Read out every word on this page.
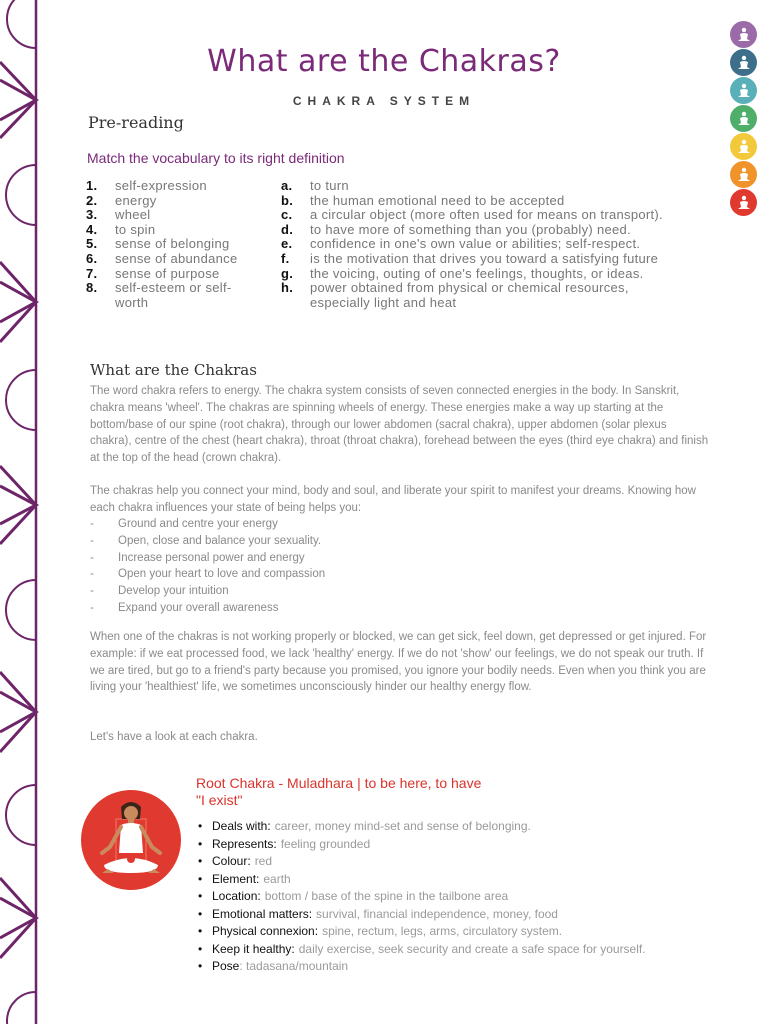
What are the Chakras?
CHAKRA SYSTEM
Pre-reading
Match the vocabulary to its right definition
1.	self-expression
2.	energy
3.	wheel
4.	to spin
5.	sense of belonging
6.	sense of abundance
7.	sense of purpose
8.	self-esteem or self-worth
a.	to turn
b.	the human emotional need to be accepted
c.	a circular object (more often used for means on transport).
d.	to have more of something than you (probably) need.
e.	confidence in one's own value or abilities; self-respect.
f.	is the motivation that drives you toward a satisfying future
g.	the voicing, outing of one's feelings, thoughts, or ideas.
h.	power obtained from physical or chemical resources, especially light and heat
What are the Chakras

The word chakra refers to energy. The chakra system consists of seven connected energies in the body. In Sanskrit, chakra means 'wheel'. The chakras are spinning wheels of energy. These energies make a way up starting at the bottom/base of our spine (root chakra), through our lower abdomen (sacral chakra), upper abdomen (solar plexus chakra), centre of the chest (heart chakra), throat (throat chakra), forehead between the eyes (third eye chakra) and finish at the top of the head (crown chakra).

The chakras help you connect your mind, body and soul, and liberate your spirit to manifest your dreams. Knowing how each chakra influences your state of being helps you:

-	Ground and centre your energy
-	Open, close and balance your sexuality.
-	Increase personal power and energy
-	Open your heart to love and compassion
-	Develop your intuition
-	Expand your overall awareness

When one of the chakras is not working properly or blocked, we can get sick, feel down, get depressed or get injured. For example: if we eat processed food, we lack 'healthy' energy. If we do not 'show' our feelings, we do not speak our truth. If we are tired, but go to a friend's party because you promised, you ignore your bodily needs. Even when you think you are living your 'healthiest' life, we sometimes unconsciously hinder our healthy energy flow.

Let's have a look at each chakra.

Root Chakra - Muladhara | to be here, to have
"I exist"
• Deals with: career, money mind-set and sense of belonging.
• Represents: feeling grounded
• Colour: red
• Element: earth
• Location: bottom / base of the spine in the tailbone area
• Emotional matters: survival, financial independence, money, food
• Physical connexion: spine, rectum, legs, arms, circulatory system.
• Keep it healthy: daily exercise, seek security and create a safe space for yourself.
• Pose : tadasana/mountain
